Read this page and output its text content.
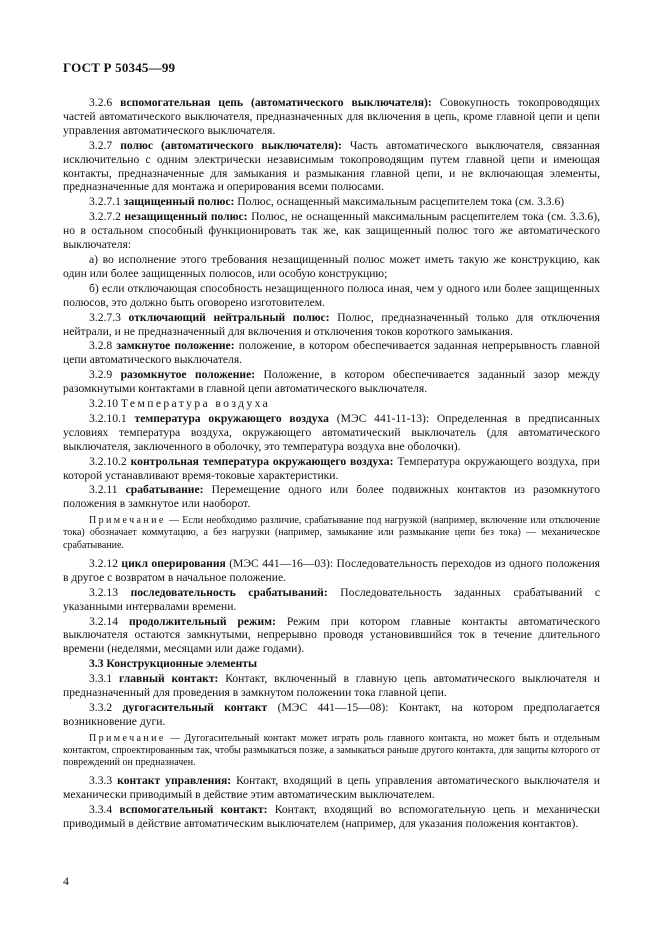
ГОСТ Р 50345—99

3.2.6 вспомогательная цепь (автоматического выключателя): Совокупность токопроводящих частей автоматического выключателя, предназначенных для включения в цепь, кроме главной цепи и цепи управления автоматического выключателя.

3.2.7 полюс (автоматического выключателя): Часть автоматического выключателя, связанная исключительно с одним электрически независимым токопроводящим путем главной цепи и имеющая контакты, предназначенные для замыкания и размыкания главной цепи, и не включающая элементы, предназначенные для монтажа и оперирования всеми полюсами.

3.2.7.1 защищенный полюс: Полюс, оснащенный максимальным расцепителем тока (см. 3.3.6)

3.2.7.2 незащищенный полюс: Полюс, не оснащенный максимальным расцепителем тока (см. 3.3.6), но в остальном способный функционировать так же, как защищенный полюс того же автоматического выключателя:

а) во исполнение этого требования незащищенный полюс может иметь такую же конструкцию, как один или более защищенных полюсов, или особую конструкцию;

б) если отключающая способность незащищенного полюса иная, чем у одного или более защищенных полюсов, это должно быть оговорено изготовителем.

3.2.7.3 отключающий нейтральный полюс: Полюс, предназначенный только для отключения нейтрали, и не предназначенный для включения и отключения токов короткого замыкания.

3.2.8 замкнутое положение: положение, в котором обеспечивается заданная непрерывность главной цепи автоматического выключателя.

3.2.9 разомкнутое положение: Положение, в котором обеспечивается заданный зазор между разомкнутыми контактами в главной цепи автоматического выключателя.

3.2.10 Температура воздуха

3.2.10.1 температура окружающего воздуха (МЭС 441-11-13): Определенная в предписанных условиях температура воздуха, окружающего автоматический выключатель (для автоматического выключателя, заключенного в оболочку, это температура воздуха вне оболочки).

3.2.10.2 контрольная температура окружающего воздуха: Температура окружающего воздуха, при которой устанавливают время-токовые характеристики.

3.2.11 срабатывание: Перемещение одного или более подвижных контактов из разомкнутого положения в замкнутое или наоборот.

Примечание — Если необходимо различие, срабатывание под нагрузкой (например, включение или отключение тока) обозначает коммутацию, а без нагрузки (например, замыкание или размыкание цепи без тока) — механическое срабатывание.

3.2.12 цикл оперирования (МЭС 441—16—03): Последовательность переходов из одного положения в другое с возвратом в начальное положение.

3.2.13 последовательность срабатываний: Последовательность заданных срабатываний с указанными интервалами времени.

3.2.14 продолжительный режим: Режим при котором главные контакты автоматического выключателя остаются замкнутыми, непрерывно проводя установившийся ток в течение длительного времени (неделями, месяцами или даже годами).

3.3 Конструкционные элементы

3.3.1 главный контакт: Контакт, включенный в главную цепь автоматического выключателя и предназначенный для проведения в замкнутом положении тока главной цепи.

3.3.2 дугогасительный контакт (МЭС 441—15—08): Контакт, на котором предполагается возникновение дуги.

Примечание — Дугогасительный контакт может играть роль главного контакта, но может быть и отдельным контактом, спроектированным так, чтобы размыкаться позже, а замыкаться раньше другого контакта, для защиты которого от повреждений он предназначен.

3.3.3 контакт управления: Контакт, входящий в цепь управления автоматического выключателя и механически приводимый в действие этим автоматическим выключателем.

3.3.4 вспомогательный контакт: Контакт, входящий во вспомогательную цепь и механически приводимый в действие автоматическим выключателем (например, для указания положения контактов).

4
